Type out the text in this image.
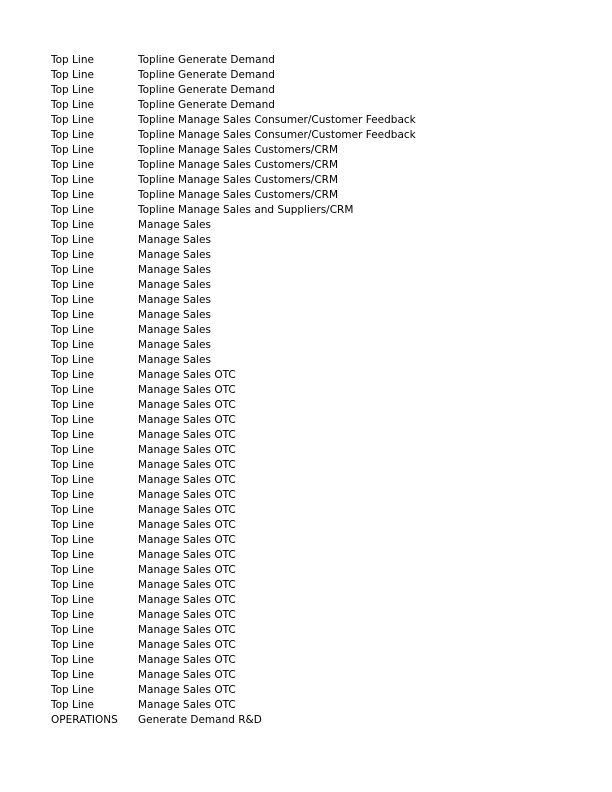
Top Line	Topline Generate Demand
Top Line	Topline Generate Demand
Top Line	Topline Generate Demand
Top Line	Topline Generate Demand
Top Line	Topline Manage Sales Consumer/Customer Feedback
Top Line	Topline Manage Sales Consumer/Customer Feedback
Top Line	Topline Manage Sales Customers/CRM
Top Line	Topline Manage Sales Customers/CRM
Top Line	Topline Manage Sales Customers/CRM
Top Line	Topline Manage Sales Customers/CRM
Top Line	Topline Manage Sales and Suppliers/CRM
Top Line	Manage Sales
Top Line	Manage Sales
Top Line	Manage Sales
Top Line	Manage Sales
Top Line	Manage Sales
Top Line	Manage Sales
Top Line	Manage Sales
Top Line	Manage Sales
Top Line	Manage Sales
Top Line	Manage Sales
Top Line	Manage Sales OTC
Top Line	Manage Sales OTC
Top Line	Manage Sales OTC
Top Line	Manage Sales OTC
Top Line	Manage Sales OTC
Top Line	Manage Sales OTC
Top Line	Manage Sales OTC
Top Line	Manage Sales OTC
Top Line	Manage Sales OTC
Top Line	Manage Sales OTC
Top Line	Manage Sales OTC
Top Line	Manage Sales OTC
Top Line	Manage Sales OTC
Top Line	Manage Sales OTC
Top Line	Manage Sales OTC
Top Line	Manage Sales OTC
Top Line	Manage Sales OTC
Top Line	Manage Sales OTC
Top Line	Manage Sales OTC
Top Line	Manage Sales OTC
Top Line	Manage Sales OTC
Top Line	Manage Sales OTC
Top Line	Manage Sales OTC
OPERATIONS	Generate Demand R&D
